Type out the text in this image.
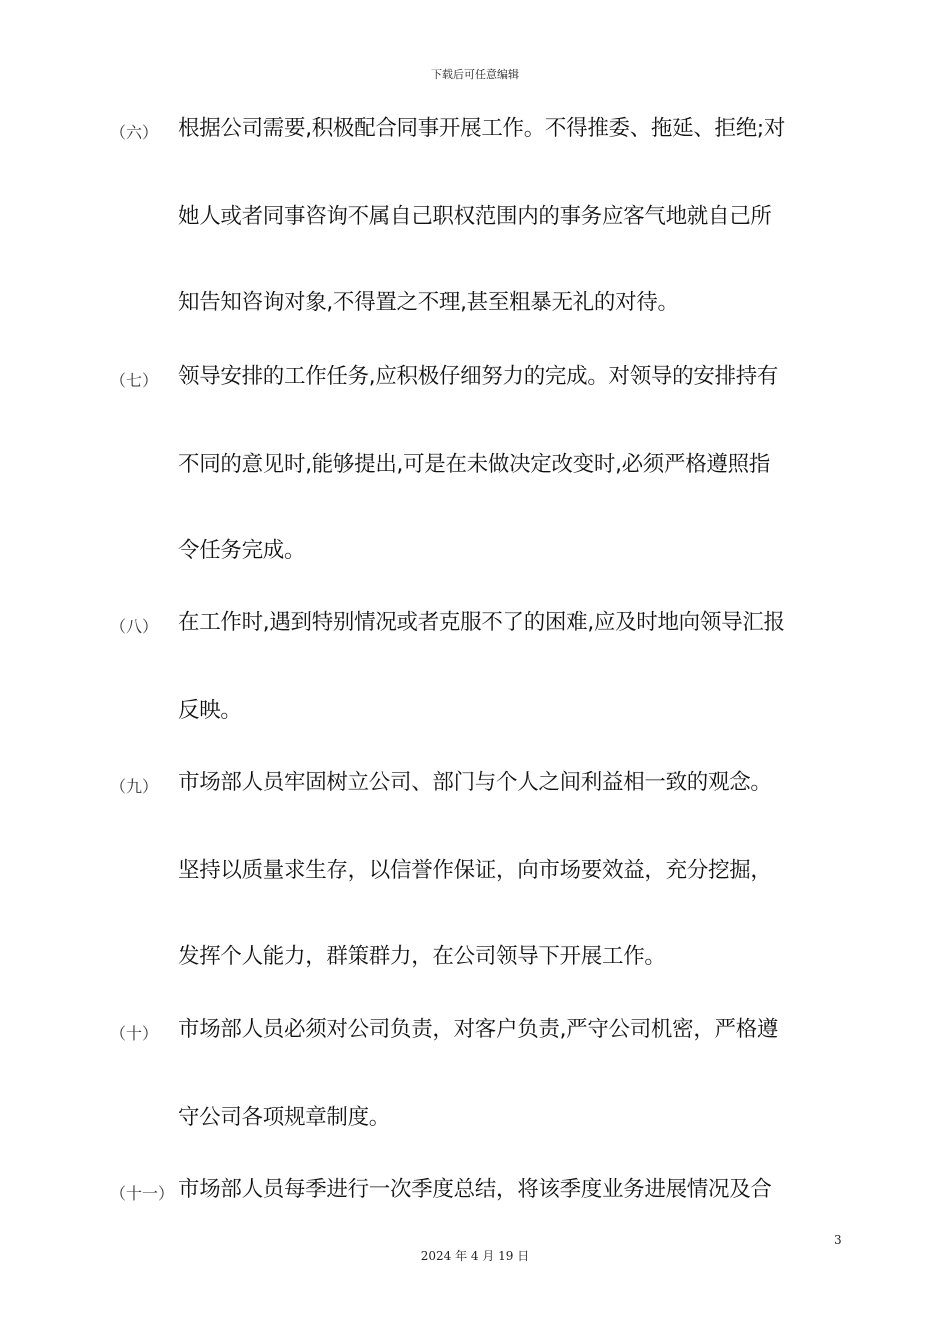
下载后可任意编辑
（六） 根据公司需要,积极配合同事开展工作。不得推委、拖延、拒绝;对
她人或者同事咨询不属自己职权范围内的事务应客气地就自己所
知告知咨询对象,不得置之不理,甚至粗暴无礼的对待。
（七） 领导安排的工作任务,应积极仔细努力的完成。对领导的安排持有
不同的意见时,能够提出,可是在未做决定改变时,必须严格遵照指
令任务完成。
（八） 在工作时,遇到特别情况或者克服不了的困难,应及时地向领导汇报
反映。
（九） 市场部人员牢固树立公司、部门与个人之间利益相一致的观念。
坚持以质量求生存，以信誉作保证，向市场要效益，充分挖掘，
发挥个人能力，群策群力，在公司领导下开展工作。
（十） 市场部人员必须对公司负责，对客户负责,严守公司机密，严格遵
守公司各项规章制度。
（十一） 市场部人员每季进行一次季度总结，将该季度业务进展情况及合
3
2024 年 4 月 19 日
